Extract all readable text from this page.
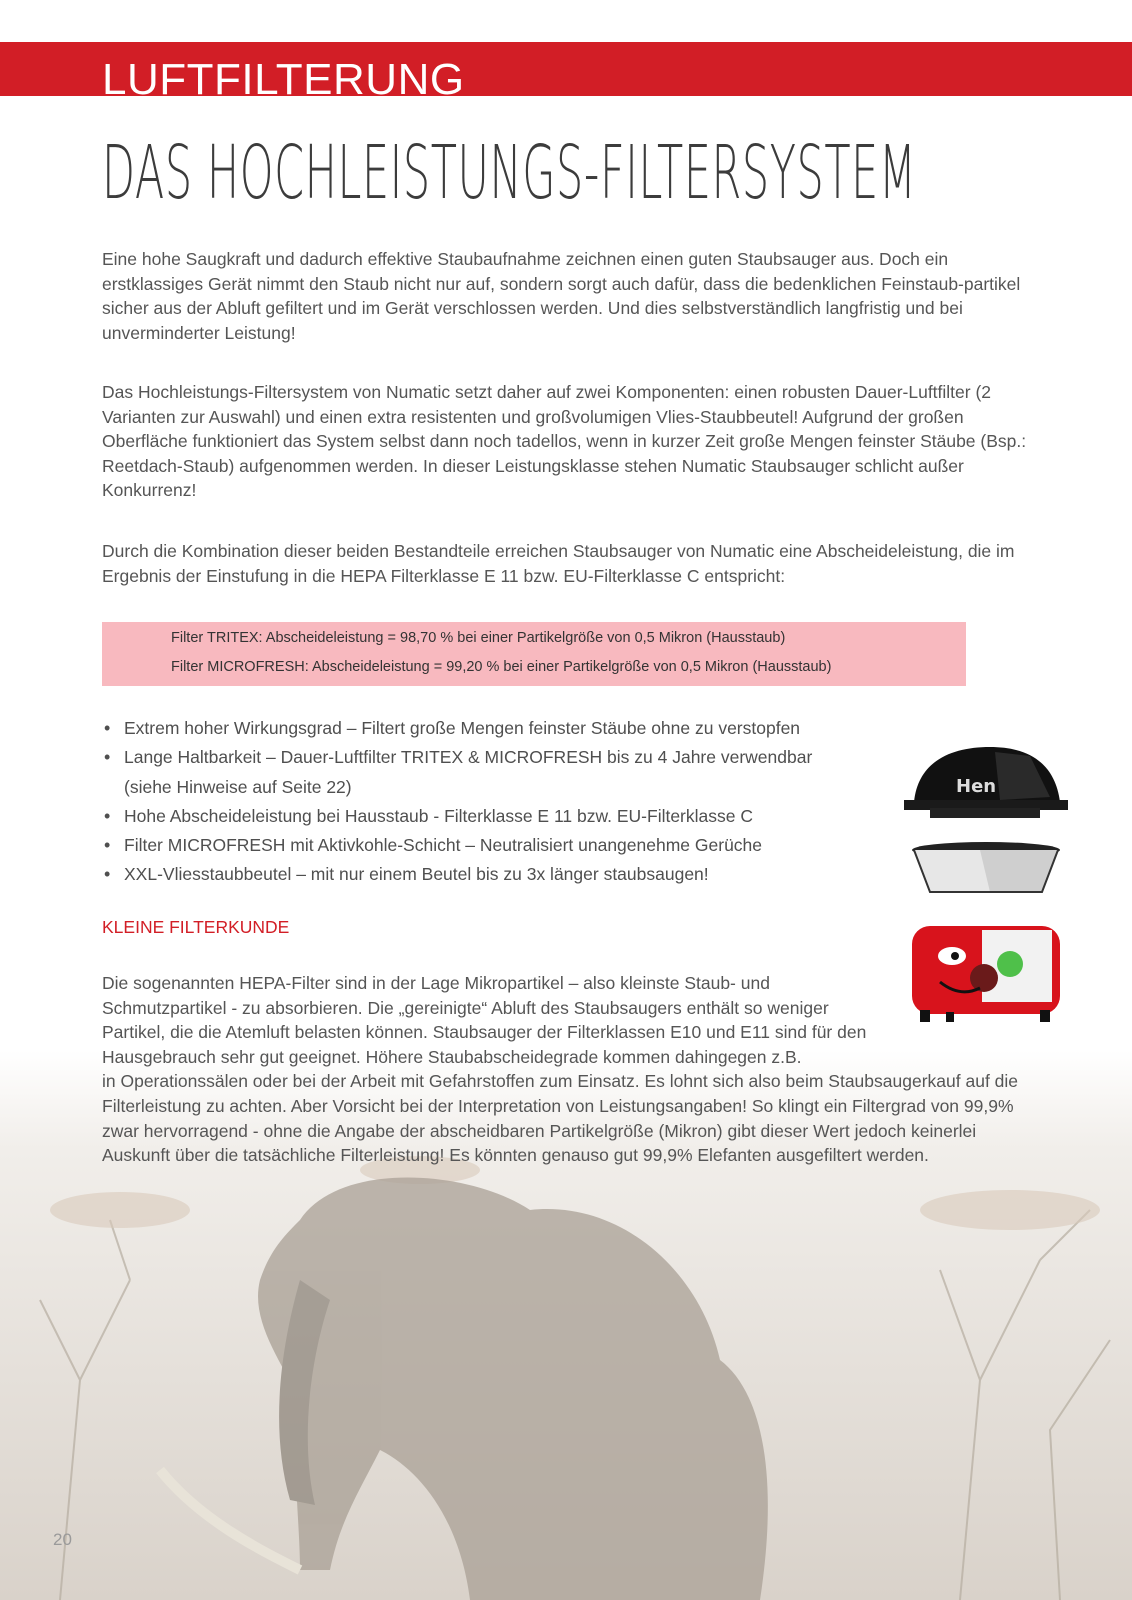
LUFTFILTERUNG
DAS HOCHLEISTUNGS-FILTERSYSTEM

Eine hohe Saugkraft und dadurch effektive Staubaufnahme zeichnen einen guten Staubsauger aus. Doch ein erstklassiges Gerät nimmt den Staub nicht nur auf, sondern sorgt auch dafür, dass die bedenklichen Feinstaub-partikel sicher aus der Abluft gefiltert und im Gerät verschlossen werden. Und dies selbstverständlich langfristig und bei unverminderter Leistung!

Das Hochleistungs-Filtersystem von Numatic setzt daher auf zwei Komponenten: einen robusten Dauer-Luftfilter (2 Varianten zur Auswahl) und einen extra resistenten und großvolumigen Vlies-Staubbeutel! Aufgrund der großen Oberfläche funktioniert das System selbst dann noch tadellos, wenn in kurzer Zeit große Mengen feinster Stäube (Bsp.: Reetdach-Staub) aufgenommen werden. In dieser Leistungsklasse stehen Numatic Staubsauger schlicht außer Konkurrenz!

Durch die Kombination dieser beiden Bestandteile erreichen Staubsauger von Numatic eine Abscheideleistung, die im Ergebnis der Einstufung in die HEPA Filterklasse E 11 bzw. EU-Filterklasse C entspricht:

Filter TRITEX: Abscheideleistung = 98,70 % bei einer Partikelgröße von 0,5 Mikron (Hausstaub)
Filter MICROFRESH: Abscheideleistung = 99,20 % bei einer Partikelgröße von 0,5 Mikron (Hausstaub)
• Extrem hoher Wirkungsgrad – Filtert große Mengen feinster Stäube ohne zu verstopfen
• Lange Haltbarkeit – Dauer-Luftfilter TRITEX & MICROFRESH bis zu 4 Jahre verwendbar (siehe Hinweise auf Seite 22)
• Hohe Abscheideleistung bei Hausstaub - Filterklasse E 11 bzw. EU-Filterklasse C
• Filter MICROFRESH mit Aktivkohle-Schicht – Neutralisiert unangenehme Gerüche
• XXL-Vliesstaubbeutel – mit nur einem Beutel bis zu 3x länger staubsaugen!
Hen
KLEINE FILTERKUNDE
Die sogenannten HEPA-Filter sind in der Lage Mikropartikel – also kleinste Staub- und Schmutzpartikel - zu absorbieren. Die „gereinigte“ Abluft des Staubsaugers enthält so weniger Partikel, die die Atemluft belasten können. Staubsauger der Filterklassen E10 und E11 sind für den Hausgebrauch sehr gut geeignet. Höhere Staubabscheidegrade kommen dahingegen z.B.
in Operationssälen oder bei der Arbeit mit Gefahrstoffen zum Einsatz. Es lohnt sich also beim Staubsaugerkauf auf die Filterleistung zu achten. Aber Vorsicht bei der Interpretation von Leistungsangaben! So klingt ein Filtergrad von 99,9% zwar hervorragend - ohne die Angabe der abscheidbaren Partikelgröße (Mikron) gibt dieser Wert jedoch keinerlei Auskunft über die tatsächliche Filterleistung! Es könnten genauso gut 99,9% Elefanten ausgefiltert werden.
20
